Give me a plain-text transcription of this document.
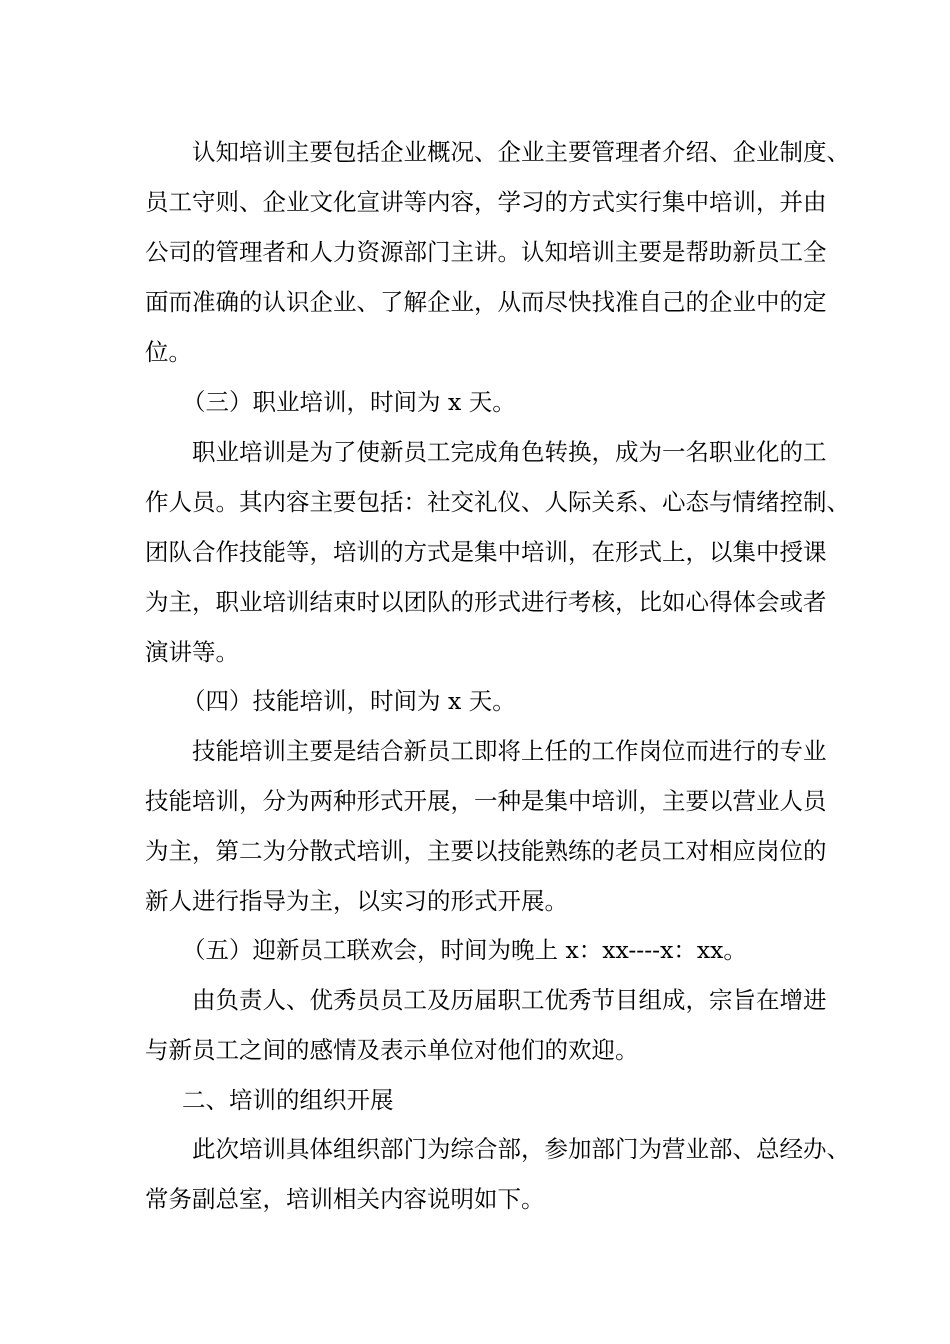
认知培训主要包括企业概况、企业主要管理者介绍、企业制度、
员工守则、企业文化宣讲等内容，学习的方式实行集中培训，并由
公司的管理者和人力资源部门主讲。认知培训主要是帮助新员工全
面而准确的认识企业、了解企业，从而尽快找准自己的企业中的定
位。
（三）职业培训，时间为 x 天。
职业培训是为了使新员工完成角色转换，成为一名职业化的工
作人员。其内容主要包括：社交礼仪、人际关系、心态与情绪控制、
团队合作技能等，培训的方式是集中培训，在形式上，以集中授课
为主，职业培训结束时以团队的形式进行考核，比如心得体会或者
演讲等。
（四）技能培训，时间为 x 天。
技能培训主要是结合新员工即将上任的工作岗位而进行的专业
技能培训，分为两种形式开展，一种是集中培训，主要以营业人员
为主，第二为分散式培训，主要以技能熟练的老员工对相应岗位的
新人进行指导为主，以实习的形式开展。
（五）迎新员工联欢会，时间为晚上 x：xx----x：xx。
由负责人、优秀员员工及历届职工优秀节目组成，宗旨在增进
与新员工之间的感情及表示单位对他们的欢迎。
二、培训的组织开展
此次培训具体组织部门为综合部，参加部门为营业部、总经办、
常务副总室，培训相关内容说明如下。
